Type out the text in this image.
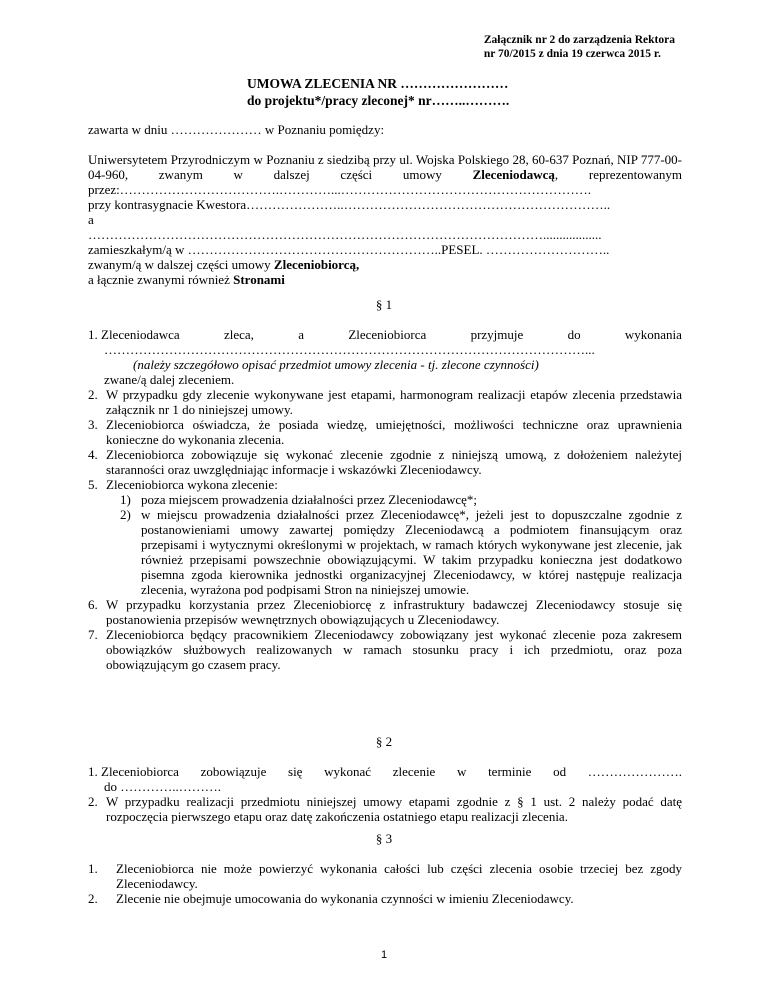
Załącznik nr 2 do zarządzenia Rektora
nr 70/2015 z dnia 19 czerwca 2015 r.
UMOWA ZLECENIA NR ……………………
do projektu*/pracy zleconej* nr……..……….
zawarta w dniu ………………… w Poznaniu pomiędzy:
Uniwersytetem Przyrodniczym w Poznaniu z siedzibą przy ul. Wojska Polskiego 28, 60-637 Poznań, NIP 777-00-04-960, zwanym w dalszej części umowy Zleceniodawcą, reprezentowanym przez:……………………………….…………...………………………………………………….
przy kontrasygnacie Kwestora…………………..……………………………………………………..
a
……………………………………………………………………………………………..................
zamieszkałym/ą w …………………………………………………..PESEL. ………………………..
zwanym/ą w dalszej części umowy Zleceniobiorcą,
a łącznie zwanymi również Stronami
§ 1
1. Zleceniodawca	zleca,	a	Zleceniobiorca	przyjmuje	do	wykonania
…………………………………………………………………………………………………...
(należy szczegółowo opisać przedmiot umowy zlecenia - tj. zlecone czynności)
zwane/ą dalej zleceniem.
2. W przypadku gdy zlecenie wykonywane jest etapami, harmonogram realizacji etapów zlecenia przedstawia załącznik nr 1 do niniejszej umowy.
3. Zleceniobiorca oświadcza, że posiada wiedzę, umiejętności, możliwości techniczne oraz uprawnienia konieczne do wykonania zlecenia.
4. Zleceniobiorca zobowiązuje się wykonać zlecenie zgodnie z niniejszą umową, z dołożeniem należytej staranności oraz uwzględniając informacje i wskazówki Zleceniodawcy.
5. Zleceniobiorca wykona zlecenie:
1) poza miejscem prowadzenia działalności przez Zleceniodawcę*;
2) w miejscu prowadzenia działalności przez Zleceniodawcę*, jeżeli jest to dopuszczalne zgodnie z postanowieniami umowy zawartej pomiędzy Zleceniodawcą a podmiotem finansującym oraz przepisami i wytycznymi określonymi w projektach, w ramach których wykonywane jest zlecenie, jak również przepisami powszechnie obowiązującymi. W takim przypadku konieczna jest dodatkowo pisemna zgoda kierownika jednostki organizacyjnej Zleceniodawcy, w której następuje realizacja zlecenia, wyrażona pod podpisami Stron na niniejszej umowie.
6. W przypadku korzystania przez Zleceniobiorcę z infrastruktury badawczej Zleceniodawcy stosuje się postanowienia przepisów wewnętrznych obowiązujących u Zleceniodawcy.
7. Zleceniobiorca będący pracownikiem Zleceniodawcy zobowiązany jest wykonać zlecenie poza zakresem obowiązków służbowych realizowanych w ramach stosunku pracy i ich przedmiotu, oraz poza obowiązującym go czasem pracy.
§ 2
1. Zleceniobiorca zobowiązuje się wykonać zlecenie w terminie od ………………….
do …………..……….
2. W przypadku realizacji przedmiotu niniejszej umowy etapami zgodnie z § 1 ust. 2 należy podać datę rozpoczęcia pierwszego etapu oraz datę zakończenia ostatniego etapu realizacji zlecenia.
§ 3
1. Zleceniobiorca nie może powierzyć wykonania całości lub części zlecenia osobie trzeciej bez zgody Zleceniodawcy.
2. Zlecenie nie obejmuje umocowania do wykonania czynności w imieniu Zleceniodawcy.
1
